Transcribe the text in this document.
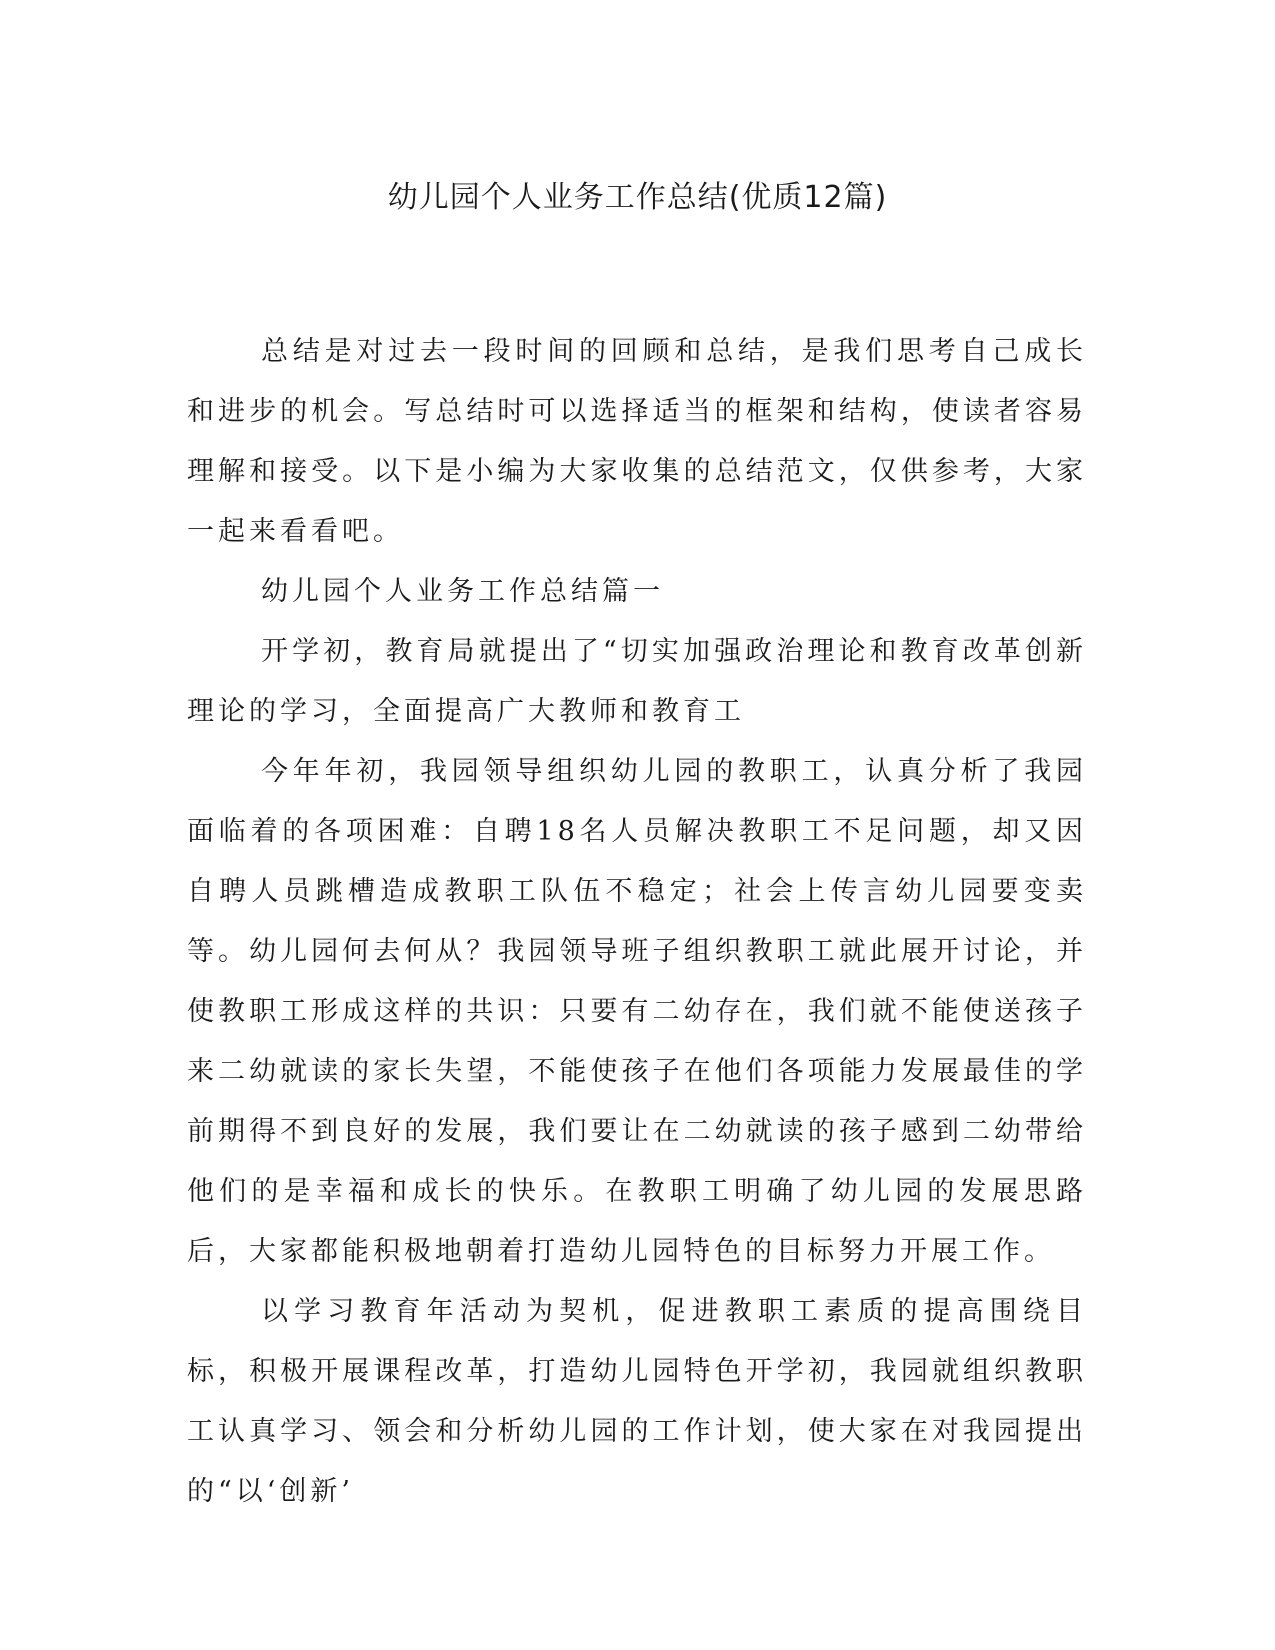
幼儿园个人业务工作总结(优质12篇)

总结是对过去一段时间的回顾和总结，是我们思考自己成长和进步的机会。写总结时可以选择适当的框架和结构，使读者容易理解和接受。以下是小编为大家收集的总结范文，仅供参考，大家一起来看看吧。

幼儿园个人业务工作总结篇一

开学初，教育局就提出了“切实加强政治理论和教育改革创新理论的学习，全面提高广大教师和教育工

今年年初，我园领导组织幼儿园的教职工，认真分析了我园面临着的各项困难：自聘18名人员解决教职工不足问题，却又因自聘人员跳槽造成教职工队伍不稳定；社会上传言幼儿园要变卖等。幼儿园何去何从？我园领导班子组织教职工就此展开讨论，并使教职工形成这样的共识：只要有二幼存在，我们就不能使送孩子来二幼就读的家长失望，不能使孩子在他们各项能力发展最佳的学前期得不到良好的发展，我们要让在二幼就读的孩子感到二幼带给他们的是幸福和成长的快乐。在教职工明确了幼儿园的发展思路后，大家都能积极地朝着打造幼儿园特色的目标努力开展工作。

以学习教育年活动为契机，促进教职工素质的提高围绕目标，积极开展课程改革，打造幼儿园特色开学初，我园就组织教职工认真学习、领会和分析幼儿园的工作计划，使大家在对我园提出的“以‘创新’
